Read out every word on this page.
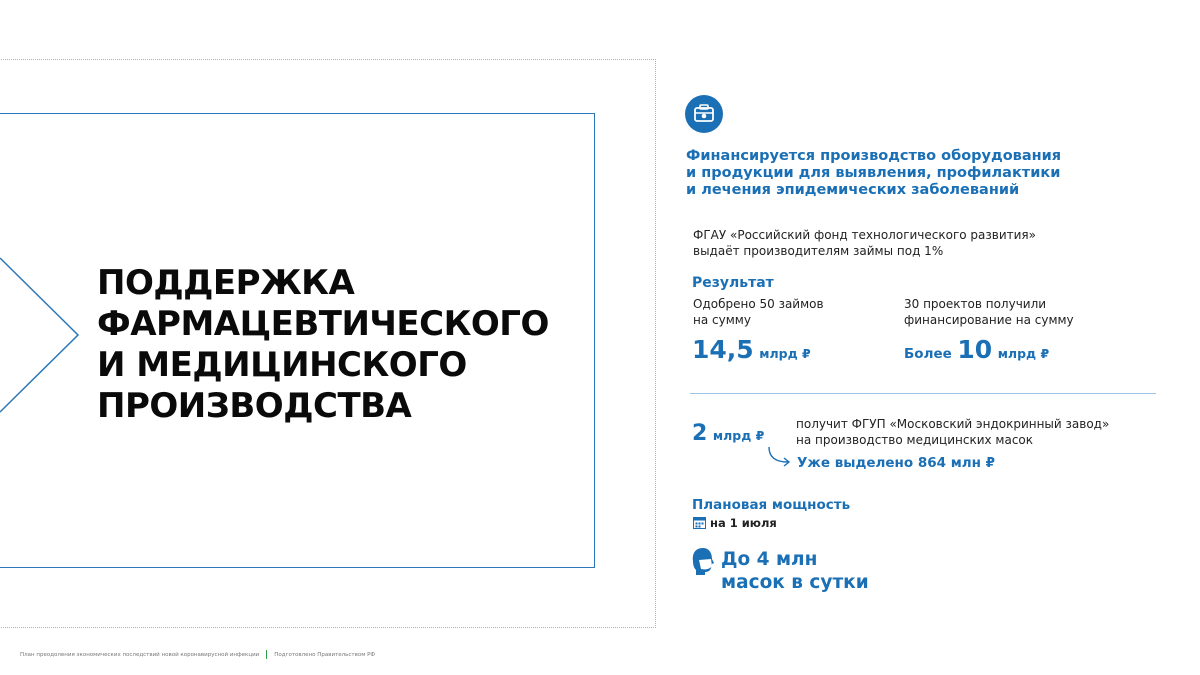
ПОДДЕРЖКА
ФАРМАЦЕВТИЧЕСКОГО
И МЕДИЦИНСКОГО
ПРОИЗВОДСТВА
Финансируется производство оборудования
и продукции для выявления, профилактики
и лечения эпидемических заболеваний
ФГАУ «Российский фонд технологического развития»
выдаёт производителям займы под 1%
Результат
Одобрено 50 займов
на сумму
14,5 млрд ₽
30 проектов получили
финансирование на сумму
Более 10 млрд ₽
2 млрд ₽
получит ФГУП «Московский эндокринный завод»
на производство медицинских масок
Уже выделено 864 млн ₽
Плановая мощность
на 1 июля
До 4 млн
масок в сутки
План преодоления экономических последствий новой коронавирусной инфекции	Подготовлено Правительством РФ
